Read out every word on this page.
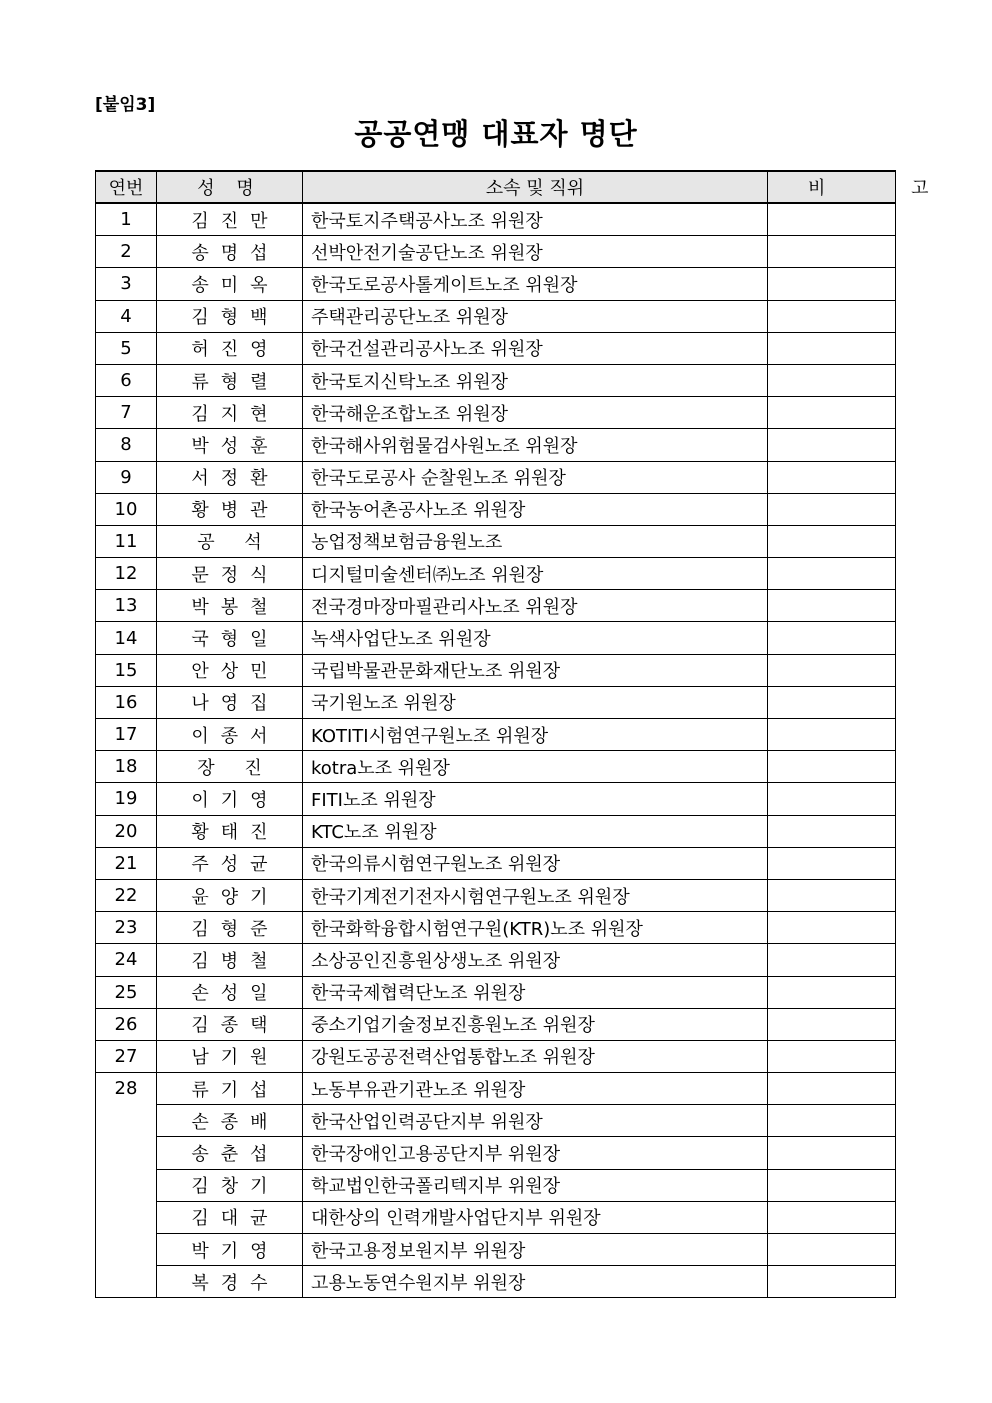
[붙임3]
공공연맹 대표자 명단
연번	성 명	소속 및 직위	비 고
1	김진만	한국토지주택공사노조 위원장	
2	송명섭	선박안전기술공단노조 위원장	
3	송미옥	한국도로공사톨게이트노조 위원장	
4	김형백	주택관리공단노조 위원장	
5	허진영	한국건설관리공사노조 위원장	
6	류형렬	한국토지신탁노조 위원장	
7	김지현	한국해운조합노조 위원장	
8	박성훈	한국해사위험물검사원노조 위원장	
9	서정환	한국도로공사 순찰원노조 위원장	
10	황병관	한국농어촌공사노조 위원장	
11	공 석	농업정책보험금융원노조	
12	문정식	디지털미술센터㈜노조 위원장	
13	박봉철	전국경마장마필관리사노조 위원장	
14	국형일	녹색사업단노조 위원장	
15	안상민	국립박물관문화재단노조 위원장	
16	나영집	국기원노조 위원장	
17	이종서	KOTITI시험연구원노조 위원장	
18	장 진	kotra노조 위원장	
19	이기영	FITI노조 위원장	
20	황태진	KTC노조 위원장	
21	주성균	한국의류시험연구원노조 위원장	
22	윤양기	한국기계전기전자시험연구원노조 위원장	
23	김형준	한국화학융합시험연구원(KTR)노조 위원장	
24	김병철	소상공인진흥원상생노조 위원장	
25	손성일	한국국제협력단노조 위원장	
26	김종택	중소기업기술정보진흥원노조 위원장	
27	남기원	강원도공공전력산업통합노조 위원장	
28	류기섭	노동부유관기관노조 위원장	
	손종배	한국산업인력공단지부 위원장	
	송춘섭	한국장애인고용공단지부 위원장	
	김창기	학교법인한국폴리텍지부 위원장	
	김대균	대한상의 인력개발사업단지부 위원장	
	박기영	한국고용정보원지부 위원장	
	복경수	고용노동연수원지부 위원장	
